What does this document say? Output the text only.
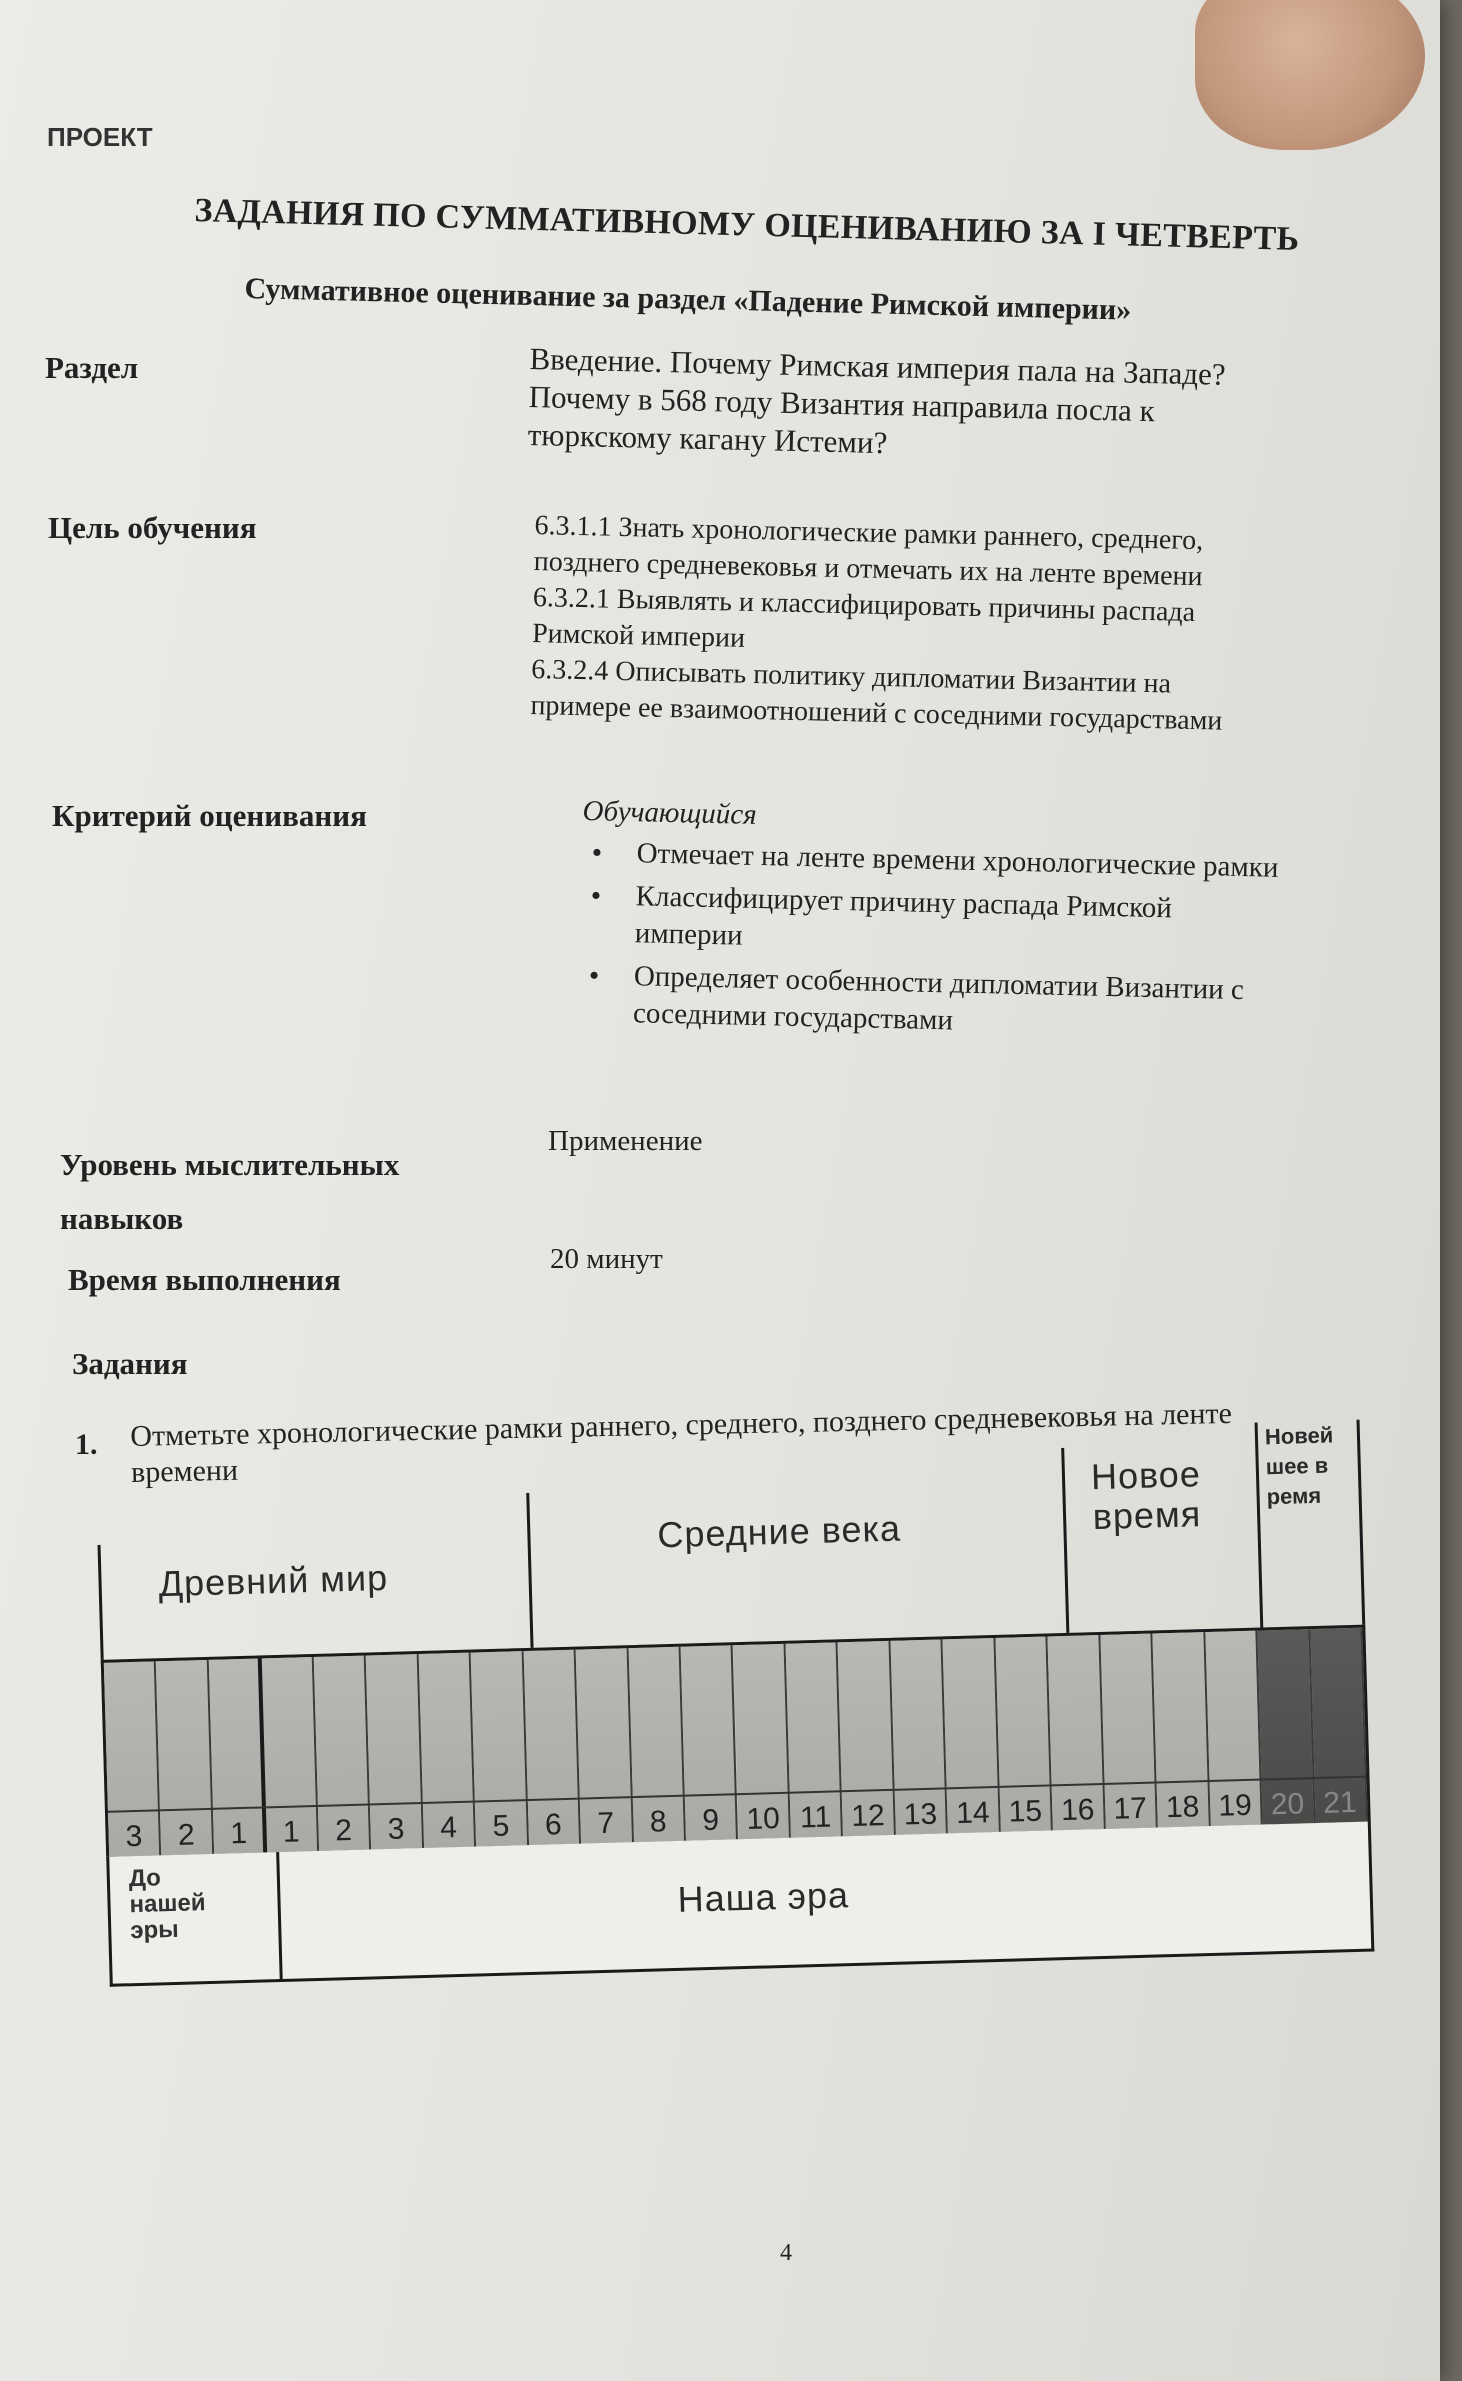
ПРОЕКТ
ЗАДАНИЯ ПО СУММАТИВНОМУ ОЦЕНИВАНИЮ ЗА I ЧЕТВЕРТЬ
Суммативное оценивание за раздел «Падение Римской империи»
Раздел	Введение. Почему Римская империя пала на Западе?
Почему в 568 году Византия направила посла к
тюркскому кагану Истеми?
Цель обучения	6.3.1.1 Знать хронологические рамки раннего, среднего,
позднего средневековья и отмечать их на ленте времени
6.3.2.1 Выявлять и классифицировать причины распада
Римской империи
6.3.2.4 Описывать политику дипломатии Византии на
примере ее взаимоотношений с соседними государствами
Критерий оценивания	Обучающийся
• Отмечает на ленте времени хронологические рамки
• Классифицирует причину распада Римской империи
• Определяет особенности дипломатии Византии с соседними государствами
Уровень мыслительных
навыков
Применение
Время выполнения
20 минут
Задания
1. Отметьте хронологические рамки раннего, среднего, позднего средневековья на ленте
времени
Древний мир
Средние века
Новое
время
Новей
шее в
ремя
3	2	1	1	2	3	4	5	6	7	8	9 10 11 12 13 14 15 16 17 18 19 20 21
До
нашей
эры
Наша эра
4
